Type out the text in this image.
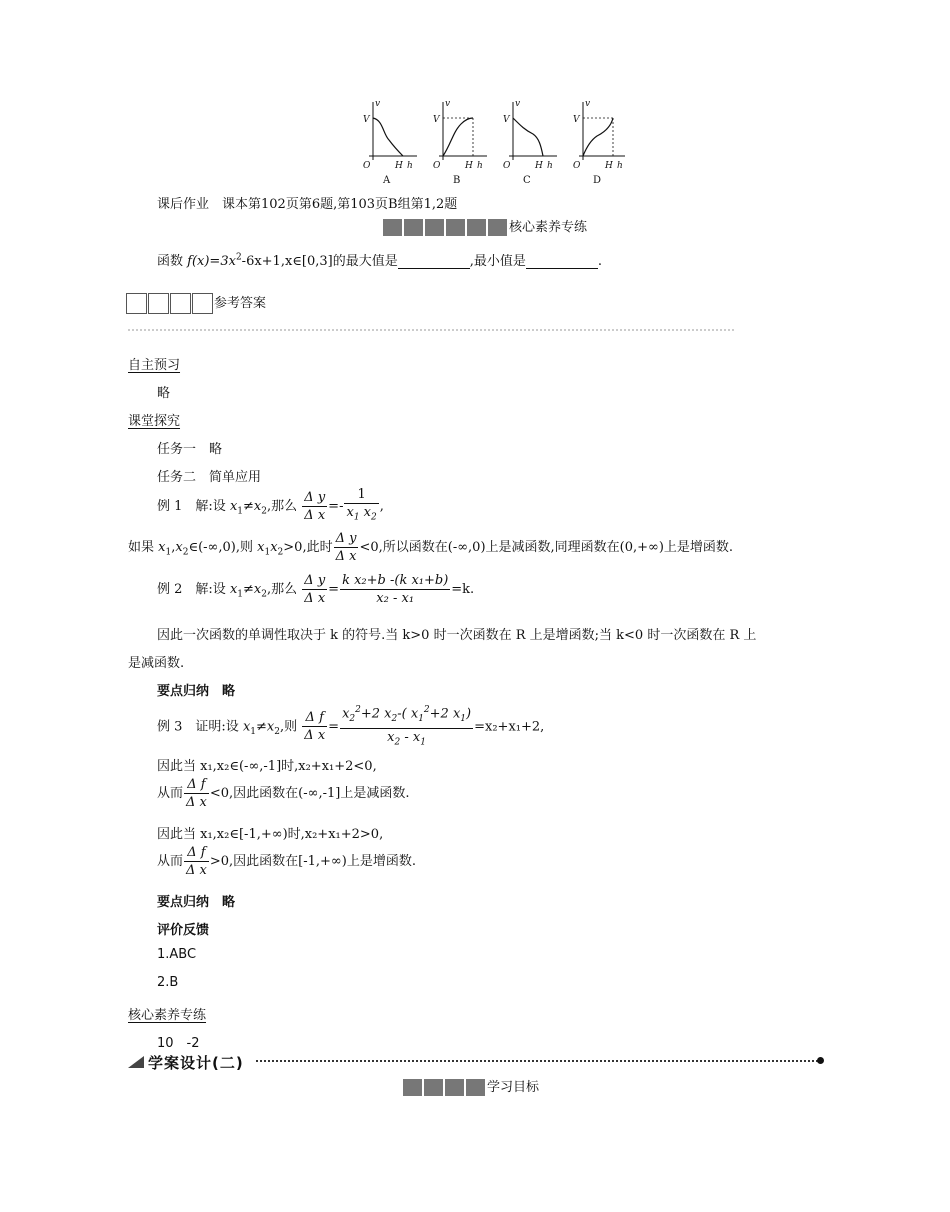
v
V
O	H h
A
v
V
O	H h
B
v
V
O	H h
C
v
V
O	H h
D
课后作业　课本第102页第6题,第103页B组第1,2题
核心素养专练
函数 $f(x)=3x^2-6x+1,x\in[0,3]$的最大值是	,最小值是	.
参考答案
自主预习
略
课堂探究
任务一　略
任务二　简单应用
例 1　解:设 $x_1\ne x_2$,那么 $\frac{\text{Δ y}}{\text{Δ x}} =- \frac{1}{x_1 x_2}$ ,
如果 $x_1,x_2\in(-\infty,0)$,则 $x_1x_2>0$,此时 $\frac{\text{Δ y}}{\text{Δ x}} <0$,所以函数在(-∞,0)上是减函数,同理函数在(0,+∞)上是增函数.
例 2　解:设 $x_1\ne x_2$,那么 $\frac{\text{Δ y}}{\text{Δ x}} = \frac{\text{k x₂+b -(k x₁+b)}}{\text{x₂ - x₁}} =k$.
因此一次函数的单调性取决于 k 的符号.当 k>0 时一次函数在 R 上是增函数;当 k<0 时一次函数在 R 上
是减函数.
要点归纳　略
例 3　证明:设 $x_1\ne x_2$,则 $\frac{\text{Δ f}}{\text{Δ x}} = \frac{x_2^2+2 x_2-( x_1^2+2 x_1)}{x_2 - x_1} =x_2+x_1+2$,
因此当 x₁,x₂∈(-∞,-1]时,x₂+x₁+2<0,
从而 $\frac{\text{Δ f}}{\text{Δ x}} <0$,因此函数在(-∞,-1]上是减函数.
因此当 x₁,x₂∈[-1,+∞)时,x₂+x₁+2>0,
从而 $\frac{\text{Δ f}}{\text{Δ x}} >0$,因此函数在[-1,+∞)上是增函数.
要点归纳　略
评价反馈
1.ABC
2.B
核心素养专练
10　-2
学案设计(二)
学习目标
